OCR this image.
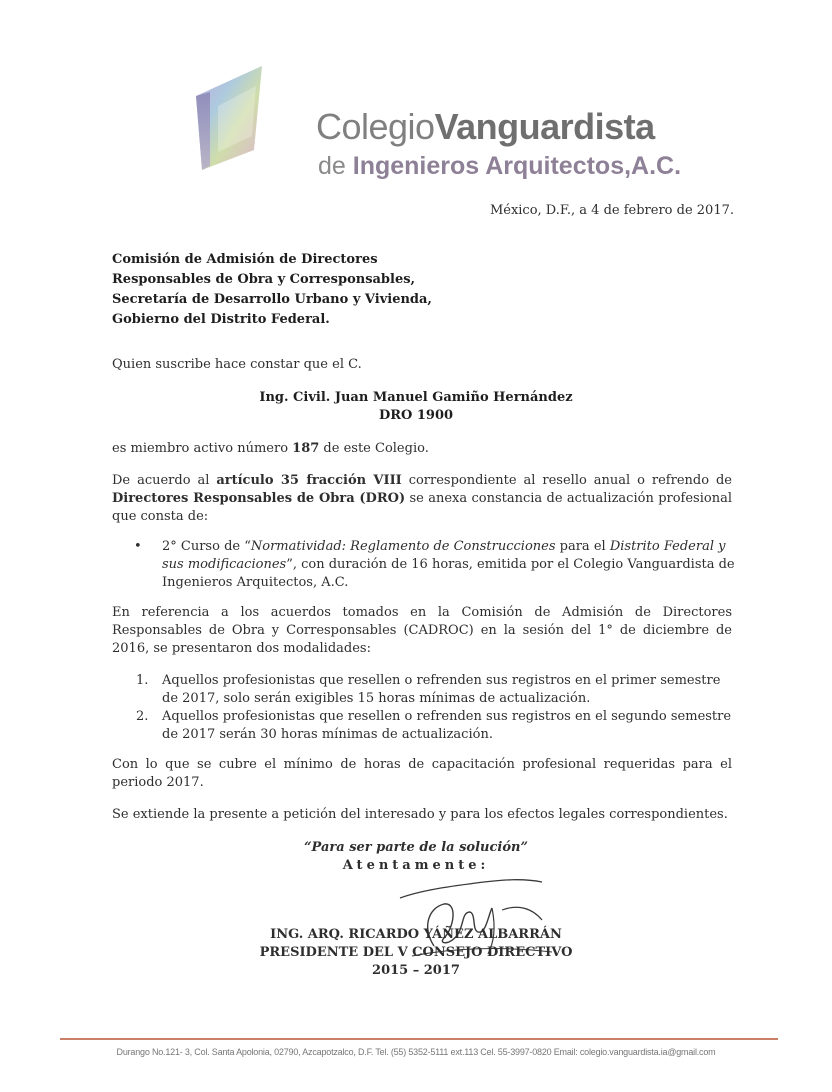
ColegioVanguardista
de Ingenieros Arquitectos,A.C.
México, D.F., a 4 de febrero de 2017.
Comisión de Admisión de Directores
Responsables de Obra y Corresponsables,
Secretaría de Desarrollo Urbano y Vivienda,
Gobierno del Distrito Federal.
Quien suscribe hace constar que el C.
Ing. Civil. Juan Manuel Gamiño Hernández
DRO 1900
es miembro activo número 187 de este Colegio.
De acuerdo al artículo 35 fracción VIII correspondiente al resello anual o refrendo de Directores Responsables de Obra (DRO) se anexa constancia de actualización profesional que consta de:
• 2° Curso de “Normatividad: Reglamento de Construcciones para el Distrito Federal y sus modificaciones”, con duración de 16 horas, emitida por el Colegio Vanguardista de Ingenieros Arquitectos, A.C.
En referencia a los acuerdos tomados en la Comisión de Admisión de Directores Responsables de Obra y Corresponsables (CADROC) en la sesión del 1° de diciembre de 2016, se presentaron dos modalidades:
1. Aquellos profesionistas que resellen o refrenden sus registros en el primer semestre de 2017, solo serán exigibles 15 horas mínimas de actualización.
2. Aquellos profesionistas que resellen o refrenden sus registros en el segundo semestre de 2017 serán 30 horas mínimas de actualización.
Con lo que se cubre el mínimo de horas de capacitación profesional requeridas para el periodo 2017.
Se extiende la presente a petición del interesado y para los efectos legales correspondientes.
“Para ser parte de la solución”
Atentamente:
ING. ARQ. RICARDO YÁÑEZ ALBARRÁN
PRESIDENTE DEL V CONSEJO DIRECTIVO
2015 – 2017
Durango No.121- 3, Col. Santa Apolonia, 02790, Azcapotzalco, D.F. Tel. (55) 5352-5111 ext.113 Cel. 55-3997-0820 Email: colegio.vanguardista.ia@gmail.com
